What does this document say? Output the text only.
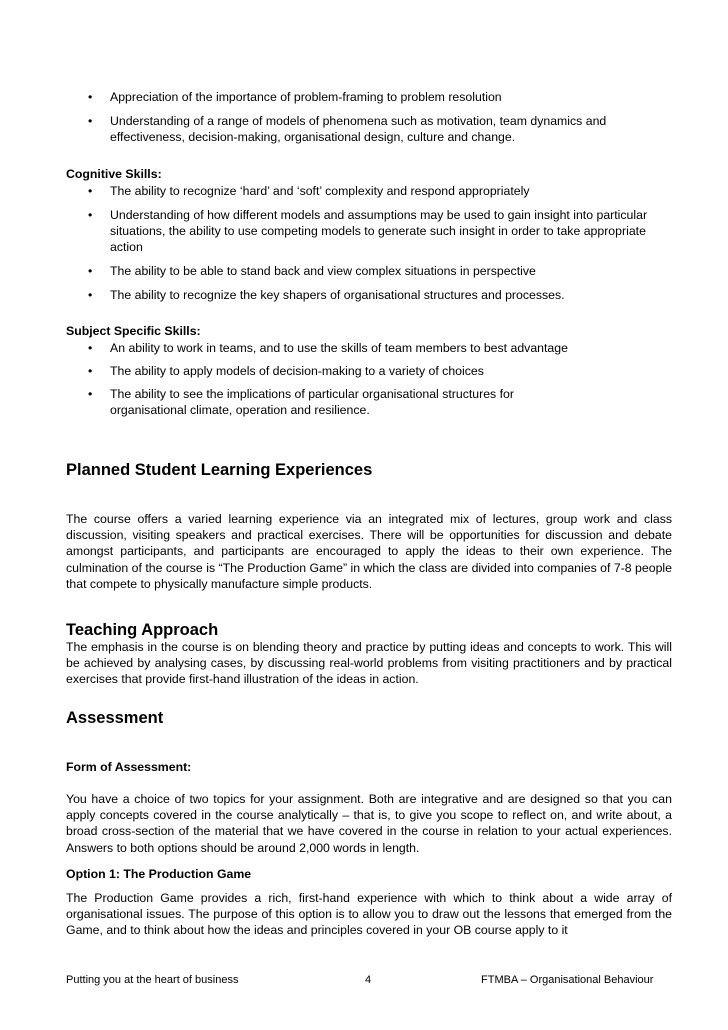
• Appreciation of the importance of problem-framing to problem resolution
• Understanding of a range of models of phenomena such as motivation, team dynamics and effectiveness, decision-making, organisational design, culture and change.
Cognitive Skills:
• The ability to recognize ‘hard’ and ‘soft’ complexity and respond appropriately
• Understanding of how different models and assumptions may be used to gain insight into particular situations, the ability to use competing models to generate such insight in order to take appropriate action
• The ability to be able to stand back and view complex situations in perspective
• The ability to recognize the key shapers of organisational structures and processes.
Subject Specific Skills:
• An ability to work in teams, and to use the skills of team members to best advantage
• The ability to apply models of decision-making to a variety of choices
• The ability to see the implications of particular organisational structures for organisational climate, operation and resilience.
Planned Student Learning Experiences
The course offers a varied learning experience via an integrated mix of lectures, group work and class discussion, visiting speakers and practical exercises. There will be opportunities for discussion and debate amongst participants, and participants are encouraged to apply the ideas to their own experience. The culmination of the course is “The Production Game” in which the class are divided into companies of 7-8 people that compete to physically manufacture simple products.
Teaching Approach
The emphasis in the course is on blending theory and practice by putting ideas and concepts to work. This will be achieved by analysing cases, by discussing real-world problems from visiting practitioners and by practical exercises that provide first-hand illustration of the ideas in action.
Assessment
Form of Assessment:
You have a choice of two topics for your assignment. Both are integrative and are designed so that you can apply concepts covered in the course analytically – that is, to give you scope to reflect on, and write about, a broad cross-section of the material that we have covered in the course in relation to your actual experiences. Answers to both options should be around 2,000 words in length.
Option 1: The Production Game
The Production Game provides a rich, first-hand experience with which to think about a wide array of organisational issues. The purpose of this option is to allow you to draw out the lessons that emerged from the Game, and to think about how the ideas and principles covered in your OB course apply to it
Putting you at the heart of business	4	FTMBA – Organisational Behaviour
